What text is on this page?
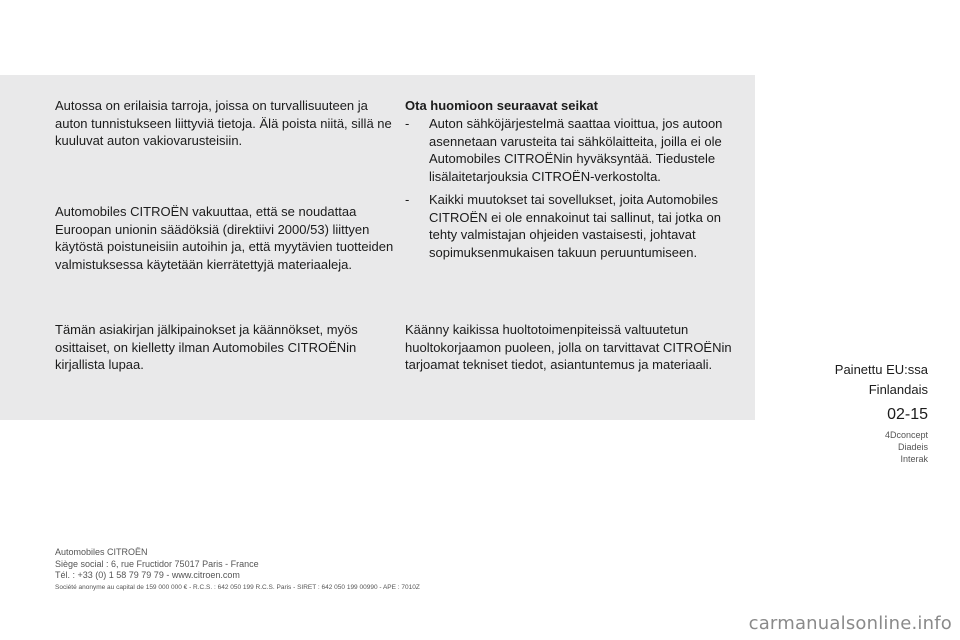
Autossa on erilaisia tarroja, joissa on turvallisuuteen ja auton tunnistukseen liittyviä tietoja. Älä poista niitä, sillä ne kuuluvat auton vakiovarusteisiin.
Automobiles CITROËN vakuuttaa, että se noudattaa Euroopan unionin säädöksiä (direktiivi 2000/53) liittyen käytöstä poistuneisiin autoihin ja, että myytävien tuotteiden valmistuksessa käytetään kierrätettyjä materiaaleja.
Tämän asiakirjan jälkipainokset ja käännökset, myös osittaiset, on kielletty ilman Automobiles CITROËNin kirjallista lupaa.
Ota huomioon seuraavat seikat
- Auton sähköjärjestelmä saattaa vioittua, jos autoon asennetaan varusteita tai sähkölaitteita, joilla ei ole Automobiles CITROËNin hyväksyntää. Tiedustele lisälaitetarjouksia CITROËN-verkostolta.
- Kaikki muutokset tai sovellukset, joita Automobiles CITROËN ei ole ennakoinut tai sallinut, tai jotka on tehty valmistajan ohjeiden vastaisesti, johtavat sopimuksenmukaisen takuun peruuntumiseen.
Käänny kaikissa huoltotoimenpiteissä valtuutetun huoltokorjaamon puoleen, jolla on tarvittavat CITROËNin tarjoamat tekniset tiedot, asiantuntemus ja materiaali.	Painettu EU:ssa
Finlandais
02-15
4Dconcept
Diadeis
Interak
Automobiles CITROËN
Siège social : 6, rue Fructidor 75017 Paris - France
Tél. : +33 (0) 1 58 79 79 79 - www.citroen.com
Société anonyme au capital de 159 000 000 € - R.C.S. : 642 050 199 R.C.S. Paris - SIRET : 642 050 199 00990 - APE : 7010Z
carmanualsonline.info
